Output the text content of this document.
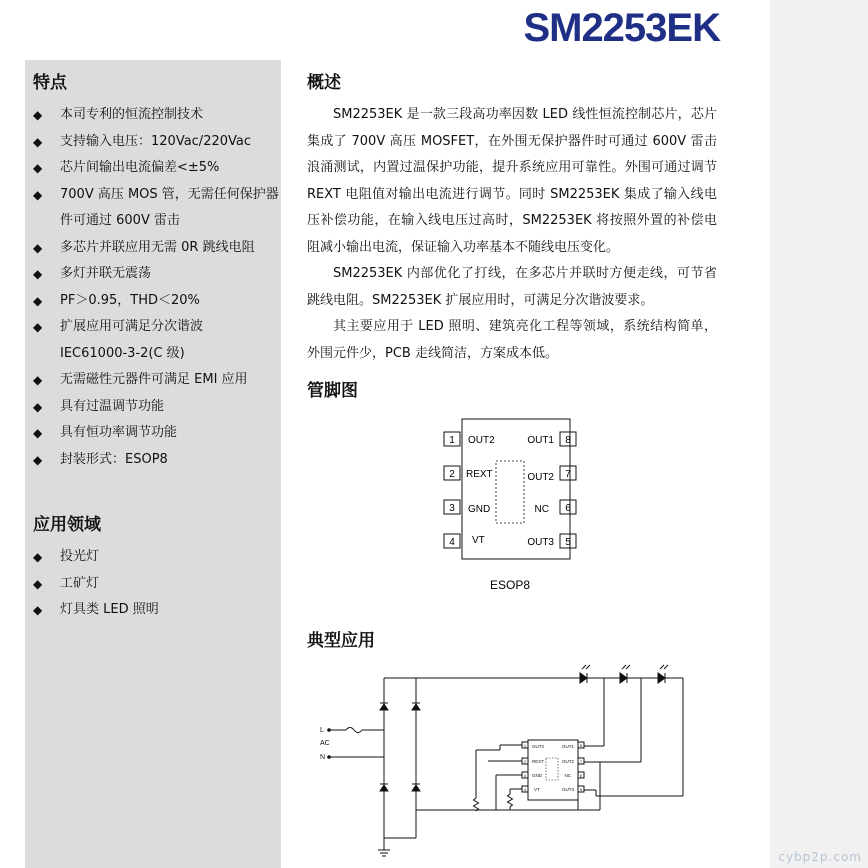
SM2253EK
特点
◆ 本司专利的恒流控制技术
◆ 支持输入电压：120Vac/220Vac
◆ 芯片间输出电流偏差<±5%
◆ 700V 高压 MOS 管，无需任何保护器
件可通过 600V 雷击
◆ 多芯片并联应用无需 0R 跳线电阻
◆ 多灯并联无震荡
◆ PF＞0.95，THD＜20%
◆ 扩展应用可满足分次谐波
IEC61000-3-2(C 级)
◆ 无需磁性元器件可满足 EMI 应用
◆ 具有过温调节功能
◆ 具有恒功率调节功能
◆ 封装形式：ESOP8
应用领域
◆ 投光灯
◆ 工矿灯
◆ 灯具类 LED 照明
概述

SM2253EK 是一款三段高功率因数 LED 线性恒流控制芯片，芯片集成了 700V 高压 MOSFET，在外围无保护器件时可通过 600V 雷击浪涌测试，内置过温保护功能，提升系统应用可靠性。外围可通过调节 REXT 电阻值对输出电流进行调节。同时 SM2253EK 集成了输入线电压补偿功能，在输入线电压过高时，SM2253EK 将按照外置的补偿电阻减小输出电流，保证输入功率基本不随线电压变化。

SM2253EK 内部优化了打线，在多芯片并联时方便走线，可节省跳线电阻。SM2253EK 扩展应用时，可满足分次谐波要求。

其主要应用于 LED 照明、建筑亮化工程等领域，系统结构简单，外围元件少，PCB 走线简洁，方案成本低。

管脚图
1 OUT2
2 REXT
3 GND
4 VT
8
OUT1
7
OUT2
6
NC
5
OUT3
ESOP8
典型应用
L
AC
N
1
2
3
4
8
7
6
5
OUT2
REXT
GND
VT
OUT1
OUT2
NC
OUT3
cybp2p.com
